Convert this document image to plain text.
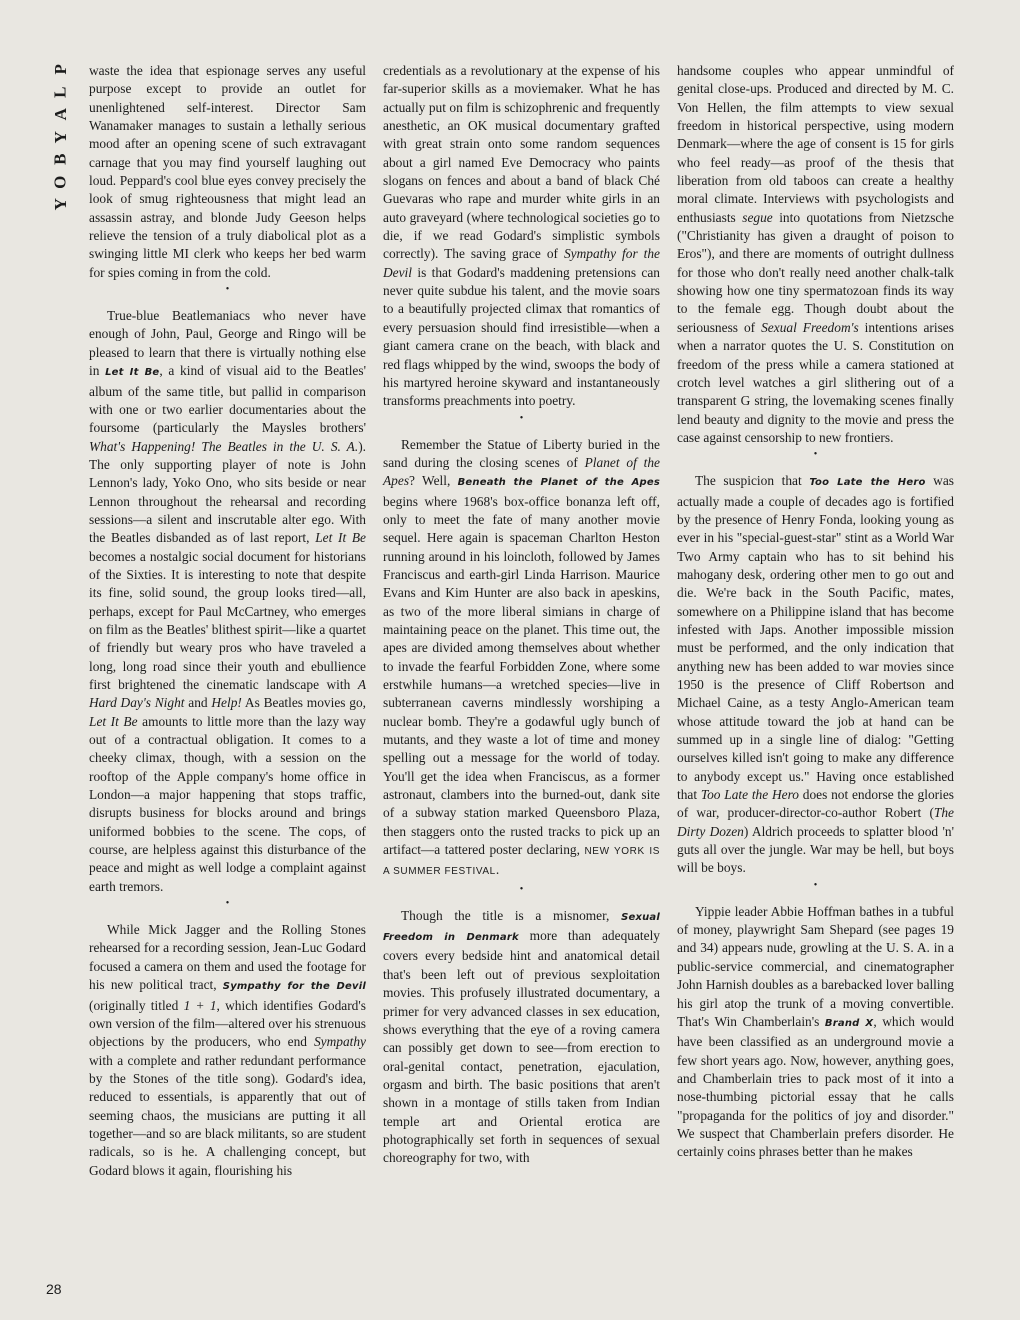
P
L
A
Y
B
O
Y
28

waste the idea that espionage serves any useful purpose except to provide an outlet for unenlightened self-interest. Director Sam Wanamaker manages to sustain a lethally serious mood after an opening scene of such extravagant carnage that you may find yourself laughing out loud. Peppard's cool blue eyes convey precisely the look of smug righteousness that might lead an assassin astray, and blonde Judy Geeson helps relieve the tension of a truly diabolical plot as a swinging little MI clerk who keeps her bed warm for spies coming in from the cold.

•

True-blue Beatlemaniacs who never have enough of John, Paul, George and Ringo will be pleased to learn that there is virtually nothing else in Let It Be, a kind of visual aid to the Beatles' album of the same title, but pallid in comparison with one or two earlier documentaries about the foursome (particularly the Maysles brothers' What's Happening! The Beatles in the U. S. A.). The only supporting player of note is John Lennon's lady, Yoko Ono, who sits beside or near Lennon throughout the rehearsal and recording sessions—a silent and inscrutable alter ego. With the Beatles disbanded as of last report, Let It Be becomes a nostalgic social document for historians of the Sixties. It is interesting to note that despite its fine, solid sound, the group looks tired—all, perhaps, except for Paul McCartney, who emerges on film as the Beatles' blithest spirit—like a quartet of friendly but weary pros who have traveled a long, long road since their youth and ebullience first brightened the cinematic landscape with A Hard Day's Night and Help! As Beatles movies go, Let It Be amounts to little more than the lazy way out of a contractual obligation. It comes to a cheeky climax, though, with a session on the rooftop of the Apple company's home office in London—a major happening that stops traffic, disrupts business for blocks around and brings uniformed bobbies to the scene. The cops, of course, are helpless against this disturbance of the peace and might as well lodge a complaint against earth tremors.

•

While Mick Jagger and the Rolling Stones rehearsed for a recording session, Jean-Luc Godard focused a camera on them and used the footage for his new political tract, Sympathy for the Devil (originally titled 1 + 1, which identifies Godard's own version of the film—altered over his strenuous objections by the producers, who end Sympathy with a complete and rather redundant performance by the Stones of the title song). Godard's idea, reduced to essentials, is apparently that out of seeming chaos, the musicians are putting it all together—and so are black militants, so are student radicals, so is he. A challenging concept, but Godard blows it again, flourishing his

credentials as a revolutionary at the expense of his far-superior skills as a moviemaker. What he has actually put on film is schizophrenic and frequently anesthetic, an OK musical documentary grafted with great strain onto some random sequences about a girl named Eve Democracy who paints slogans on fences and about a band of black Ché Guevaras who rape and murder white girls in an auto graveyard (where technological societies go to die, if we read Godard's simplistic symbols correctly). The saving grace of Sympathy for the Devil is that Godard's maddening pretensions can never quite subdue his talent, and the movie soars to a beautifully projected climax that romantics of every persuasion should find irresistible—when a giant camera crane on the beach, with black and red flags whipped by the wind, swoops the body of his martyred heroine skyward and instantaneously transforms preachments into poetry.

•

Remember the Statue of Liberty buried in the sand during the closing scenes of Planet of the Apes? Well, Beneath the Planet of the Apes begins where 1968's box-office bonanza left off, only to meet the fate of many another movie sequel. Here again is spaceman Charlton Heston running around in his loincloth, followed by James Franciscus and earth-girl Linda Harrison. Maurice Evans and Kim Hunter are also back in apeskins, as two of the more liberal simians in charge of maintaining peace on the planet. This time out, the apes are divided among themselves about whether to invade the fearful Forbidden Zone, where some erstwhile humans—a wretched species—live in subterranean caverns mindlessly worshiping a nuclear bomb. They're a godawful ugly bunch of mutants, and they waste a lot of time and money spelling out a message for the world of today. You'll get the idea when Franciscus, as a former astronaut, clambers into the burned-out, dank site of a subway station marked Queensboro Plaza, then staggers onto the rusted tracks to pick up an artifact—a tattered poster declaring, NEW YORK IS A SUMMER FESTIVAL.

•

Though the title is a misnomer, Sexual Freedom in Denmark more than adequately covers every bedside hint and anatomical detail that's been left out of previous sexploitation movies. This profusely illustrated documentary, a primer for very advanced classes in sex education, shows everything that the eye of a roving camera can possibly get down to see—from erection to oral-genital contact, penetration, ejaculation, orgasm and birth. The basic positions that aren't shown in a montage of stills taken from Indian temple art and Oriental erotica are photographically set forth in sequences of sexual choreography for two, with

handsome couples who appear unmindful of genital close-ups. Produced and directed by M. C. Von Hellen, the film attempts to view sexual freedom in historical perspective, using modern Denmark—where the age of consent is 15 for girls who feel ready—as proof of the thesis that liberation from old taboos can create a healthy moral climate. Interviews with psychologists and enthusiasts segue into quotations from Nietzsche ("Christianity has given a draught of poison to Eros"), and there are moments of outright dullness for those who don't really need another chalk-talk showing how one tiny spermatozoan finds its way to the female egg. Though doubt about the seriousness of Sexual Freedom's intentions arises when a narrator quotes the U. S. Constitution on freedom of the press while a camera stationed at crotch level watches a girl slithering out of a transparent G string, the lovemaking scenes finally lend beauty and dignity to the movie and press the case against censorship to new frontiers.

•

The suspicion that Too Late the Hero was actually made a couple of decades ago is fortified by the presence of Henry Fonda, looking young as ever in his "special-guest-star" stint as a World War Two Army captain who has to sit behind his mahogany desk, ordering other men to go out and die. We're back in the South Pacific, mates, somewhere on a Philippine island that has become infested with Japs. Another impossible mission must be performed, and the only indication that anything new has been added to war movies since 1950 is the presence of Cliff Robertson and Michael Caine, as a testy Anglo-American team whose attitude toward the job at hand can be summed up in a single line of dialog: "Getting ourselves killed isn't going to make any difference to anybody except us." Having once established that Too Late the Hero does not endorse the glories of war, producer-director-co-author Robert (The Dirty Dozen) Aldrich proceeds to splatter blood 'n' guts all over the jungle. War may be hell, but boys will be boys.

•

Yippie leader Abbie Hoffman bathes in a tubful of money, playwright Sam Shepard (see pages 19 and 34) appears nude, growling at the U. S. A. in a public-service commercial, and cinematographer John Harnish doubles as a barebacked lover balling his girl atop the trunk of a moving convertible. That's Win Chamberlain's Brand X, which would have been classified as an underground movie a few short years ago. Now, however, anything goes, and Chamberlain tries to pack most of it into a nose-thumbing pictorial essay that he calls "propaganda for the politics of joy and disorder." We suspect that Chamberlain prefers disorder. He certainly coins phrases better than he makes
